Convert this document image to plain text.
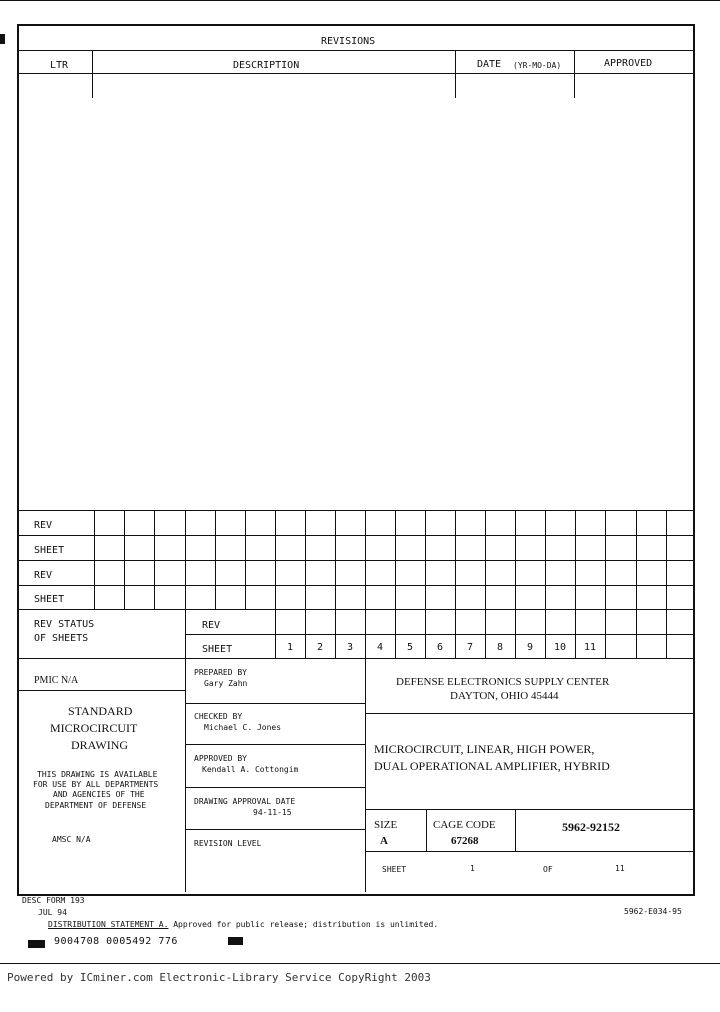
REVISIONS
LTR	DESCRIPTION	DATE (YR-MO-DA)	APPROVED
REV
SHEET
REV
SHEET
REV STATUS
OF SHEETS
REV
SHEET	1	2	3	4	5	6	7	8	9	10	11
PMIC N/A
STANDARD
MICROCIRCUIT
DRAWING
THIS DRAWING IS AVAILABLE
FOR USE BY ALL DEPARTMENTS
AND AGENCIES OF THE
DEPARTMENT OF DEFENSE
AMSC N/A
PREPARED BY
Gary Zahn
CHECKED BY
Michael C. Jones
APPROVED BY
Kendall A. Cottongim
DRAWING APPROVAL DATE
94-11-15
REVISION LEVEL
DEFENSE ELECTRONICS SUPPLY CENTER
DAYTON, OHIO 45444
MICROCIRCUIT, LINEAR, HIGH POWER,
DUAL OPERATIONAL AMPLIFIER, HYBRID
SIZE
A
CAGE CODE
67268
5962-92152
SHEET	1	OF	11
DESC FORM 193
JUL 94	5962-E034-95
DISTRIBUTION STATEMENT A. Approved for public release; distribution is unlimited.
9004708 0005492 776
Powered by ICminer.com Electronic-Library Service CopyRight 2003
